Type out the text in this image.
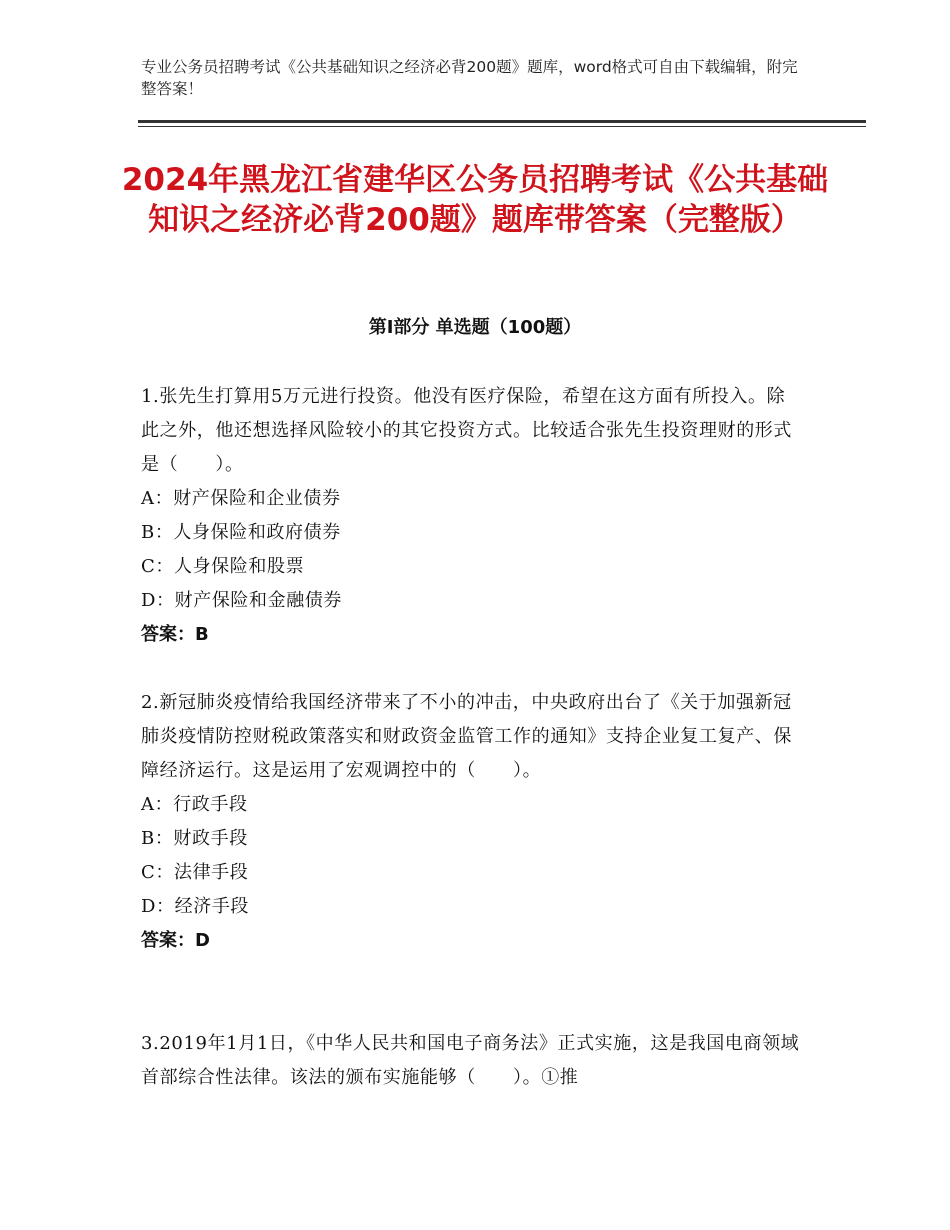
专业公务员招聘考试《公共基础知识之经济必背200题》题库，word格式可自由下载编辑，附完整答案！
2024年黑龙江省建华区公务员招聘考试《公共基础知识之经济必背200题》题库带答案（完整版）
第Ⅰ部分 单选题（100题）

1.张先生打算用5万元进行投资。他没有医疗保险，希望在这方面有所投入。除此之外，他还想选择风险较小的其它投资方式。比较适合张先生投资理财的形式是（　　）。

A：财产保险和企业债券

B：人身保险和政府债券

C：人身保险和股票

D：财产保险和金融债券

答案：B

2.新冠肺炎疫情给我国经济带来了不小的冲击，中央政府出台了《关于加强新冠肺炎疫情防控财税政策落实和财政资金监管工作的通知》支持企业复工复产、保障经济运行。这是运用了宏观调控中的（　　）。

A：行政手段

B：财政手段

C：法律手段

D：经济手段

答案：D

3.2019年1月1日，《中华人民共和国电子商务法》正式实施，这是我国电商领域首部综合性法律。该法的颁布实施能够（　　）。①推
